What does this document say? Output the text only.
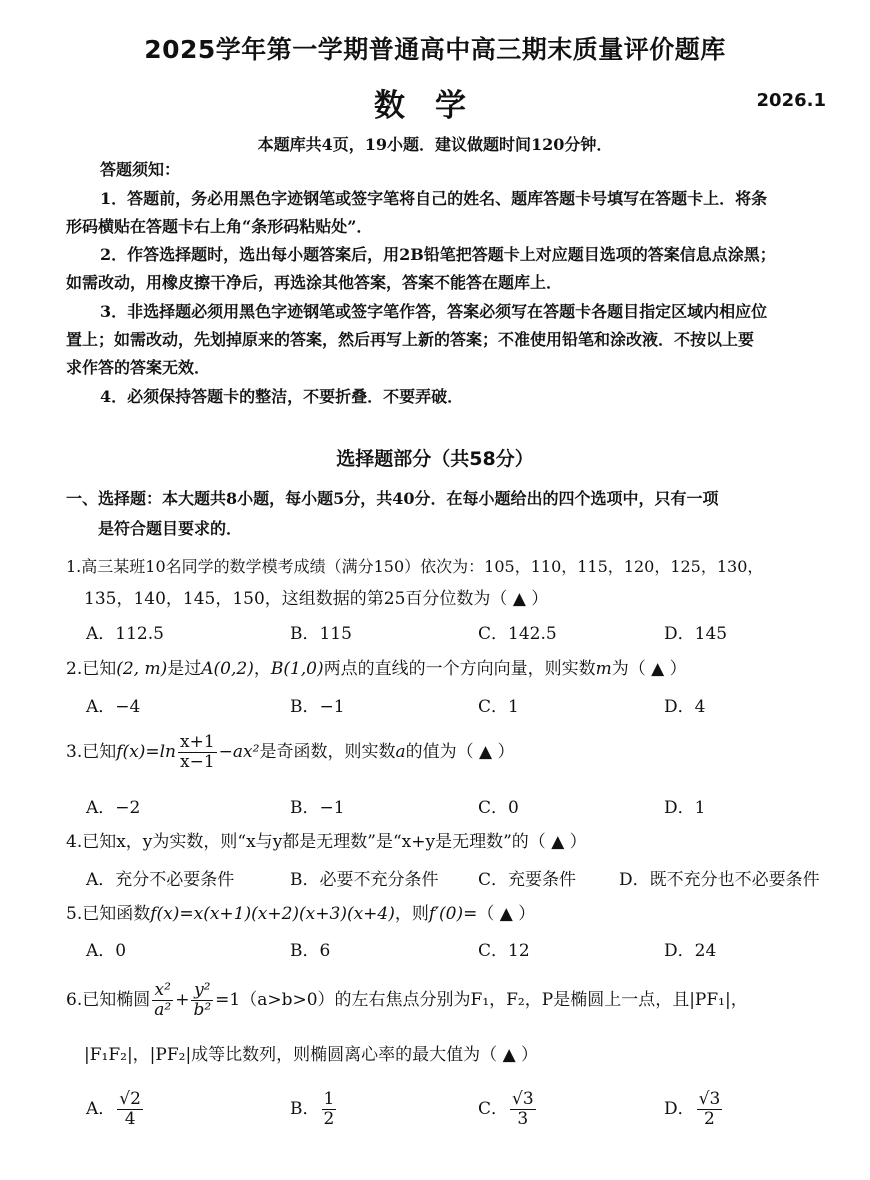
2025学年第一学期普通高中高三期末质量评价题库
数学	2026.1
本题库共4页，19小题．建议做题时间120分钟．
答题须知：
1．答题前，务必用黑色字迹钢笔或签字笔将自己的姓名、题库答题卡号填写在答题卡上．将条
形码横贴在答题卡右上角“条形码粘贴处”．
2．作答选择题时，选出每小题答案后，用2B铅笔把答题卡上对应题目选项的答案信息点涂黑；
如需改动，用橡皮擦干净后，再选涂其他答案，答案不能答在题库上．
3．非选择题必须用黑色字迹钢笔或签字笔作答，答案必须写在答题卡各题目指定区域内相应位
置上；如需改动，先划掉原来的答案，然后再写上新的答案；不准使用铅笔和涂改液．不按以上要
求作答的答案无效．
4．必须保持答题卡的整洁，不要折叠．不要弄破．
选择题部分（共58分）
一、选择题：本大题共8小题，每小题5分，共40分．在每小题给出的四个选项中，只有一项
是符合题目要求的．
1.高三某班10名同学的数学模考成绩（满分150）依次为：105，110，115，120，125，130，
135，140，145，150，这组数据的第25百分位数为（ ▲ ）
A．112.5	B．115	C．142.5	D．145
2.已知(2, m)是过A(0,2)，B(1,0)两点的直线的一个方向向量，则实数m为（ ▲ ）
A．−4	B．−1	C．1	D．4
3.已知$f(x)=\ln \frac{x+1}{x-1} -ax^2$是奇函数，则实数a的值为（ ▲ ）
A．−2	B．−1	C．0	D．1
4.已知x，y为实数，则“x与y都是无理数”是“x+y是无理数”的（ ▲ ）
A．充分不必要条件	B．必要不充分条件 C．充要条件	D．既不充分也不必要条件
5.已知函数f(x)=x(x+1)(x+2)(x+3)(x+4)，则f′(0)=（ ▲ ）
A．0	B．6	C．12	D．24
6.已知椭圆 $\frac{\text{x²}}{\text{a²}} + \frac{\text{y²}}{\text{b²}} =1(a>b>0)$的左右焦点分别为F₁，F₂，P是椭圆上一点，且|PF₁|，
|F₁F₂|，|PF₂|成等比数列，则椭圆离心率的最大值为（ ▲ ）
A． $\frac{√2}{4}$	B． $\frac{1}{2}$	C． $\frac{√3}{3}$	D． $\frac{√3}{2}$
